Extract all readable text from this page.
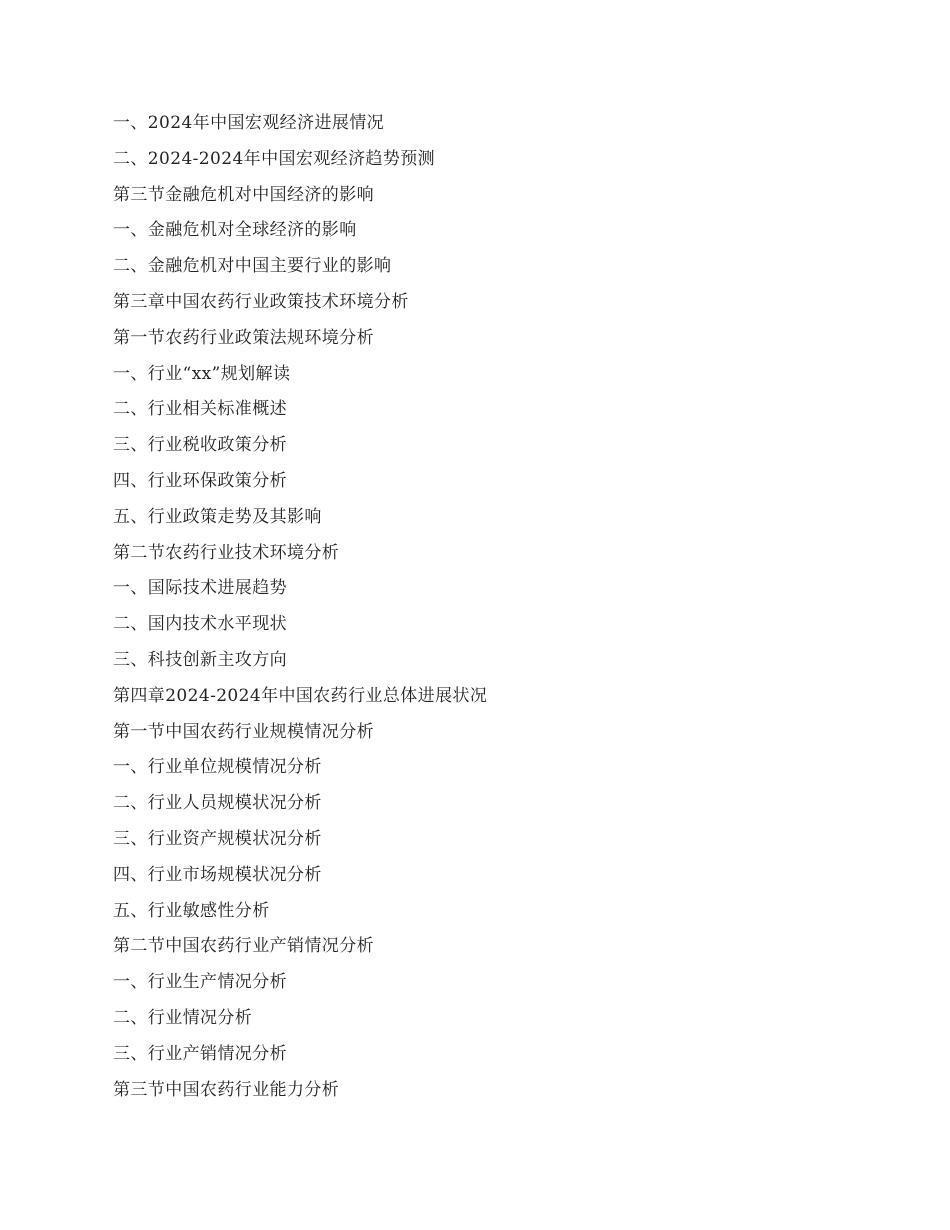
一、2024年中国宏观经济进展情况
二、2024-2024年中国宏观经济趋势预测
第三节金融危机对中国经济的影响
一、金融危机对全球经济的影响
二、金融危机对中国主要行业的影响
第三章中国农药行业政策技术环境分析
第一节农药行业政策法规环境分析
一、行业“xx”规划解读
二、行业相关标准概述
三、行业税收政策分析
四、行业环保政策分析
五、行业政策走势及其影响
第二节农药行业技术环境分析
一、国际技术进展趋势
二、国内技术水平现状
三、科技创新主攻方向
第四章2024-2024年中国农药行业总体进展状况
第一节中国农药行业规模情况分析
一、行业单位规模情况分析
二、行业人员规模状况分析
三、行业资产规模状况分析
四、行业市场规模状况分析
五、行业敏感性分析
第二节中国农药行业产销情况分析
一、行业生产情况分析
二、行业情况分析
三、行业产销情况分析
第三节中国农药行业能力分析
